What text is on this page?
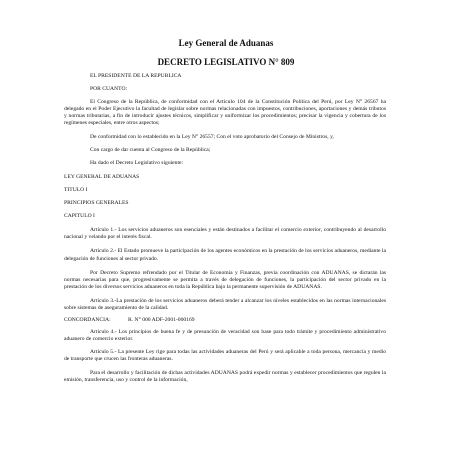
Ley General de Aduanas
DECRETO LEGISLATIVO N° 809

EL PRESIDENTE DE LA REPUBLICA

POR CUANTO:

El Congreso de la República, de conformidad con el Artículo 104 de la Constitución Política del Perú, por Ley N° 26567 ha delegado en el Poder Ejecutivo la facultad de legislar sobre normas relacionadas con impuestos, contribuciones, aportaciones y demás tributos y normas tributarias, a fin de introducir ajustes técnicos, simplificar y uniformizar los procedimientos; precisar la vigencia y cobertura de los regímenes especiales, entre otros aspectos;

De conformidad con lo establecido en la Ley N° 26557; Con el voto aprobatorio del Consejo de Ministros, y,

Con cargo de dar cuenta al Congreso de la República;

Ha dado el Decreto Legislativo siguiente:

LEY GENERAL DE ADUANAS

TITULO I

PRINCIPIOS GENERALES

CAPITULO I

Artículo 1.- Los servicios aduaneros son esenciales y están destinados a facilitar el comercio exterior, contribuyendo al desarrollo nacional y velando por el interés fiscal.

Artículo 2.- El Estado promueve la participación de los agentes económicos en la prestación de los servicios aduaneros, mediante la delegación de funciones al sector privado.

Por Decreto Supremo refrendado por el Titular de Economía y Finanzas, previa coordinación con ADUANAS, se dictarán las normas necesarias para que, progresivamente se permita a través de delegación de funciones, la participación del sector privado en la prestación de los diversos servicios aduaneros en toda la República bajo la permanente supervisión de ADUANAS.

Artículo 3.-La prestación de los servicios aduaneros deberá tender a alcanzar los niveles establecidos en las normas internacionales sobre sistemas de aseguramiento de la calidad.

CONCORDANCIA:	R. N° 000 ADF-2001-000169

Artículo 4.- Los principios de buena fe y de presunción de veracidad son base para todo trámite y procedimiento administrativo aduanero de comercio exterior.

Artículo 5.- La presente Ley rige para todas las actividades aduaneras del Perú y será aplicable a toda persona, mercancía y medio de transporte que crucen las fronteras aduaneras.

Para el desarrollo y facilitación de dichas actividades ADUANAS podrá expedir normas y establecer procedimientos que regulen la emisión, transferencia, uso y control de la información,
